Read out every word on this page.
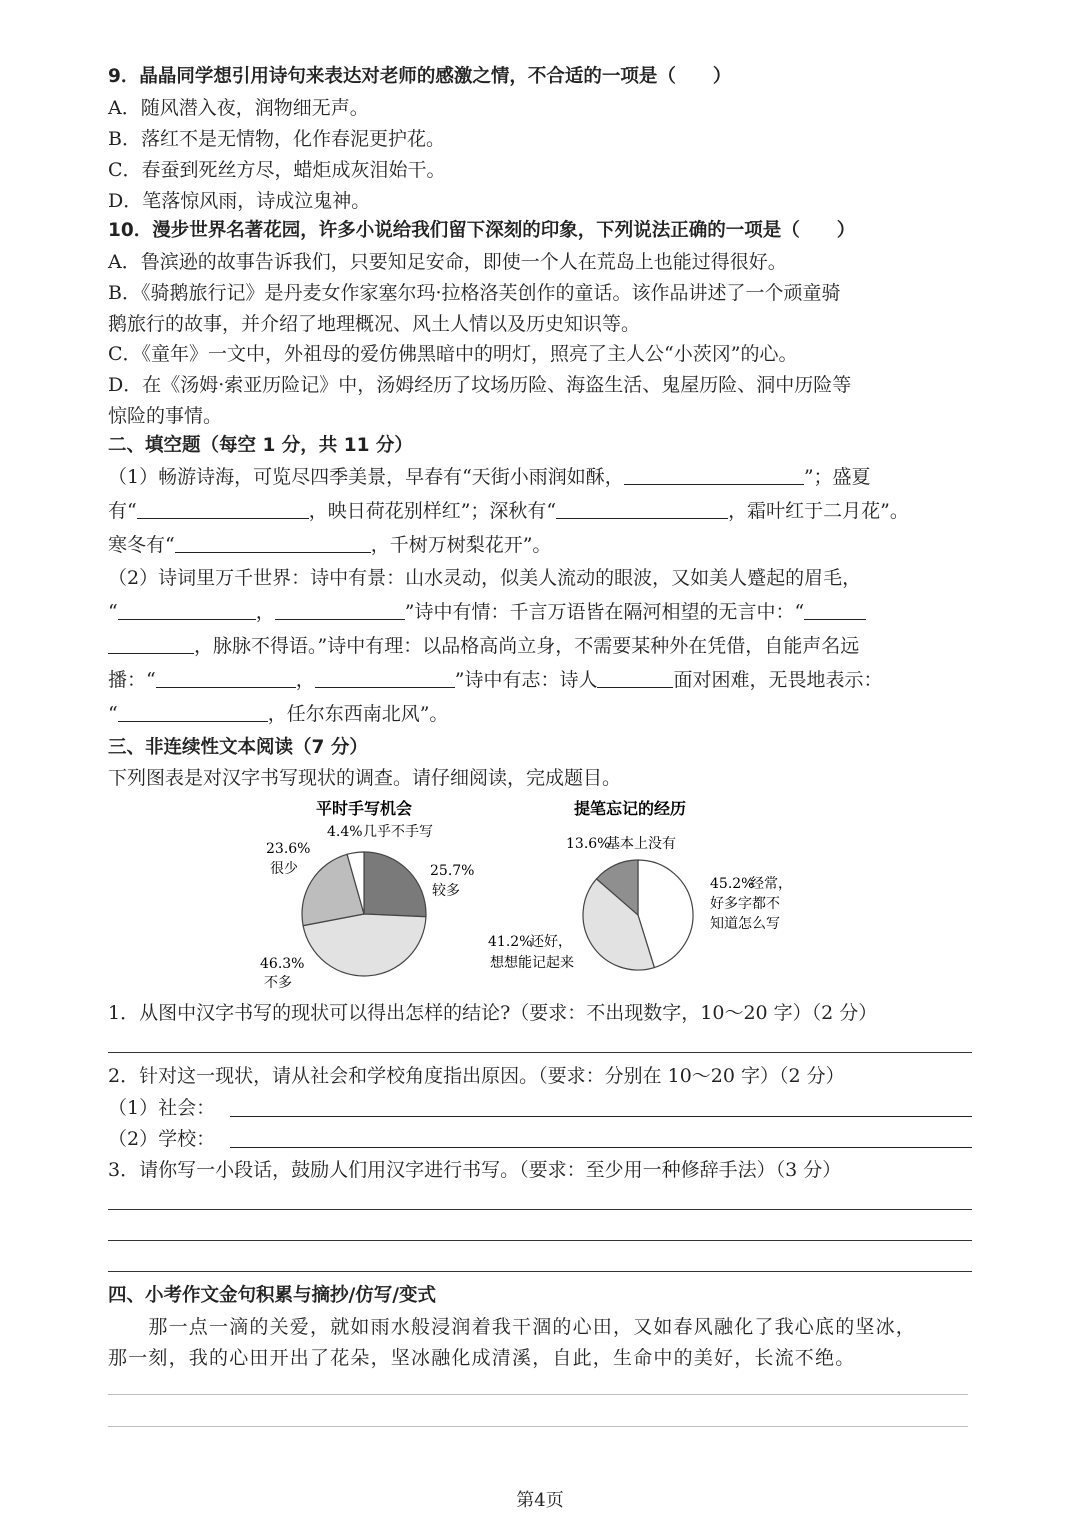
9．晶晶同学想引用诗句来表达对老师的感激之情，不合适的一项是（　　）
A．随风潜入夜，润物细无声。
B．落红不是无情物，化作春泥更护花。
C．春蚕到死丝方尽，蜡炬成灰泪始干。
D．笔落惊风雨，诗成泣鬼神。
10．漫步世界名著花园，许多小说给我们留下深刻的印象，下列说法正确的一项是（　　）
A．鲁滨逊的故事告诉我们，只要知足安命，即使一个人在荒岛上也能过得很好。
B．《骑鹅旅行记》是丹麦女作家塞尔玛·拉格洛芙创作的童话。该作品讲述了一个顽童骑
鹅旅行的故事，并介绍了地理概况、风土人情以及历史知识等。
C．《童年》一文中，外祖母的爱仿佛黑暗中的明灯，照亮了主人公“小茨冈”的心。
D．在《汤姆·索亚历险记》中，汤姆经历了坟场历险、海盗生活、鬼屋历险、洞中历险等
惊险的事情。
二、填空题（每空 1 分，共 11 分）
（1）畅游诗海，可览尽四季美景，早春有“天街小雨润如酥，	”；盛夏
有“	，映日荷花别样红”；深秋有“	，霜叶红于二月花”。
寒冬有“	，千树万树梨花开”。
（2）诗词里万千世界：诗中有景：山水灵动，似美人流动的眼波，又如美人蹙起的眉毛，
“	，	”诗中有情：千言万语皆在隔河相望的无言中：“
，脉脉不得语。”诗中有理：以品格高尚立身，不需要某种外在凭借，自能声名远
播：“	，	”诗中有志：诗人	面对困难，无畏地表示：
“	，任尔东西南北风”。
三、非连续性文本阅读（7 分）
下列图表是对汉字书写现状的调查。请仔细阅读，完成题目。
平时手写机会	提笔忘记的经历
4.4% 几乎不手写
23.6%
很少	25.7%
较多
46.3%
不多
13.6%
基本上没有
45.2%
经常，
好多字都不
知道怎么写
41.2%
还好，
想想能记起来
1．从图中汉字书写的现状可以得出怎样的结论?（要求：不出现数字，10～20 字）（2 分）
2．针对这一现状，请从社会和学校角度指出原因。（要求：分别在 10～20 字）（2 分）
（1）社会：
（2）学校：
3．请你写一小段话，鼓励人们用汉字进行书写。（要求：至少用一种修辞手法）（3 分）
四、小考作文金句积累与摘抄/仿写/变式
　　那一点一滴的关爱，就如雨水般浸润着我干涸的心田，又如春风融化了我心底的坚冰，
那一刻，我的心田开出了花朵，坚冰融化成清溪，自此，生命中的美好，长流不绝。
第4页
